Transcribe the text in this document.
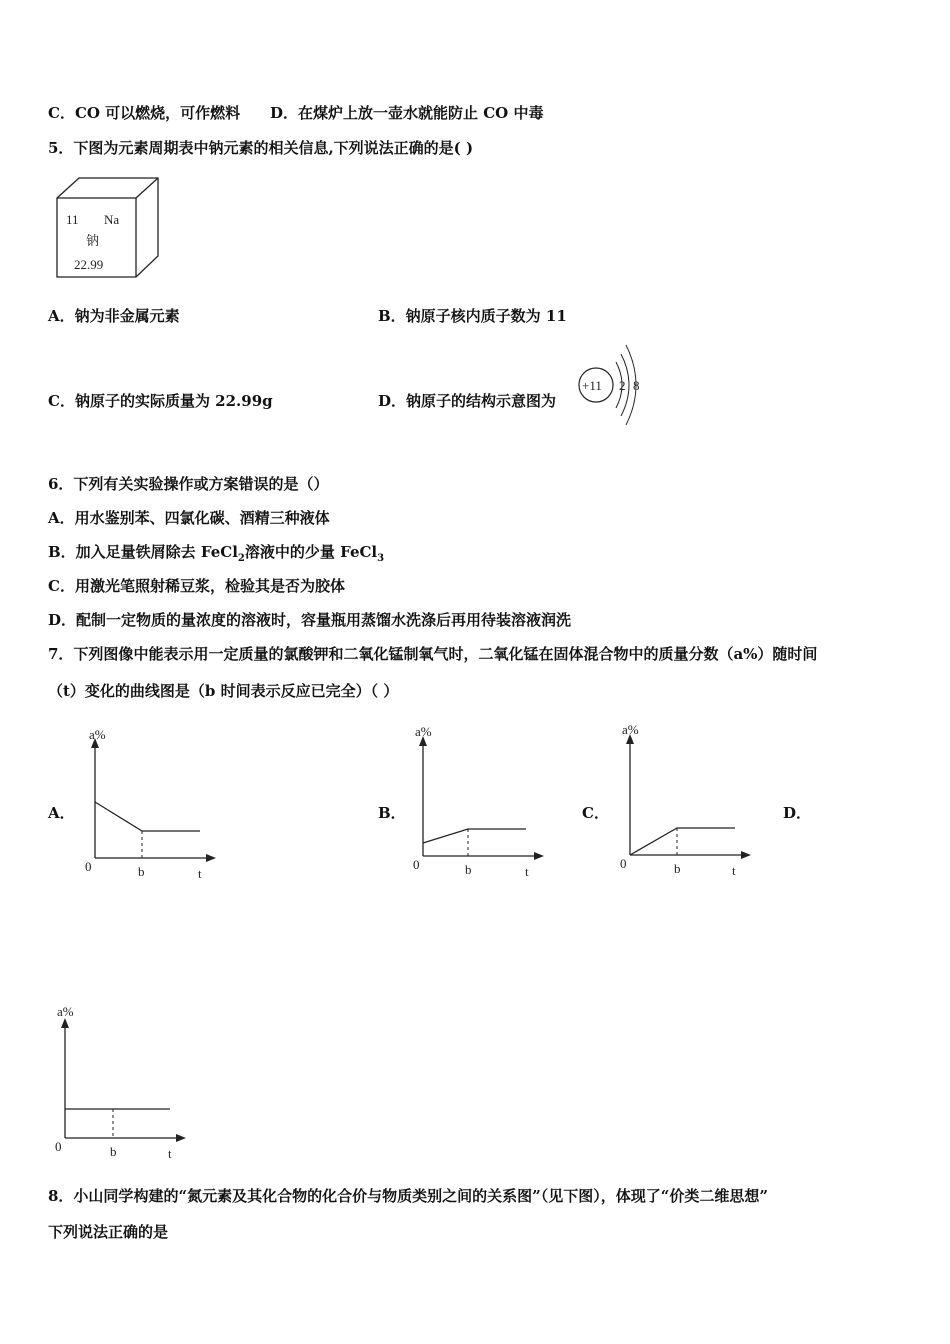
C．CO 可以燃烧，可作燃料 D．在煤炉上放一壶水就能防止 CO 中毒
5．下图为元素周期表中钠元素的相关信息,下列说法正确的是( )
11 Na
钠
22.99
A．钠为非金属元素	B．钠原子核内质子数为 11
C．钠原子的实际质量为 22.99g	D．钠原子的结构示意图为
+11 2 8
6．下列有关实验操作或方案错误的是（）
A．用水鉴别苯、四氯化碳、酒精三种液体
B．加入足量铁屑除去 FeCl$_2$溶液中的少量 FeCl$_3$
C．用激光笔照射稀豆浆，检验其是否为胶体
D．配制一定物质的量浓度的溶液时，容量瓶用蒸馏水洗涤后再用待装溶液润洗
7．下列图像中能表示用一定质量的氯酸钾和二氧化锰制氧气时，二氧化锰在固体混合物中的质量分数（a%）随时间
（t）变化的曲线图是（b 时间表示反应已完全）（ ）
A．	B．	C．	D．
a%
0	b	t
a%
0	b	t
a%
0	b	t
a%
0	b	t
8．小山同学构建的“氮元素及其化合物的化合价与物质类别之间的关系图”（见下图），体现了“价类二维思想”
下列说法正确的是
